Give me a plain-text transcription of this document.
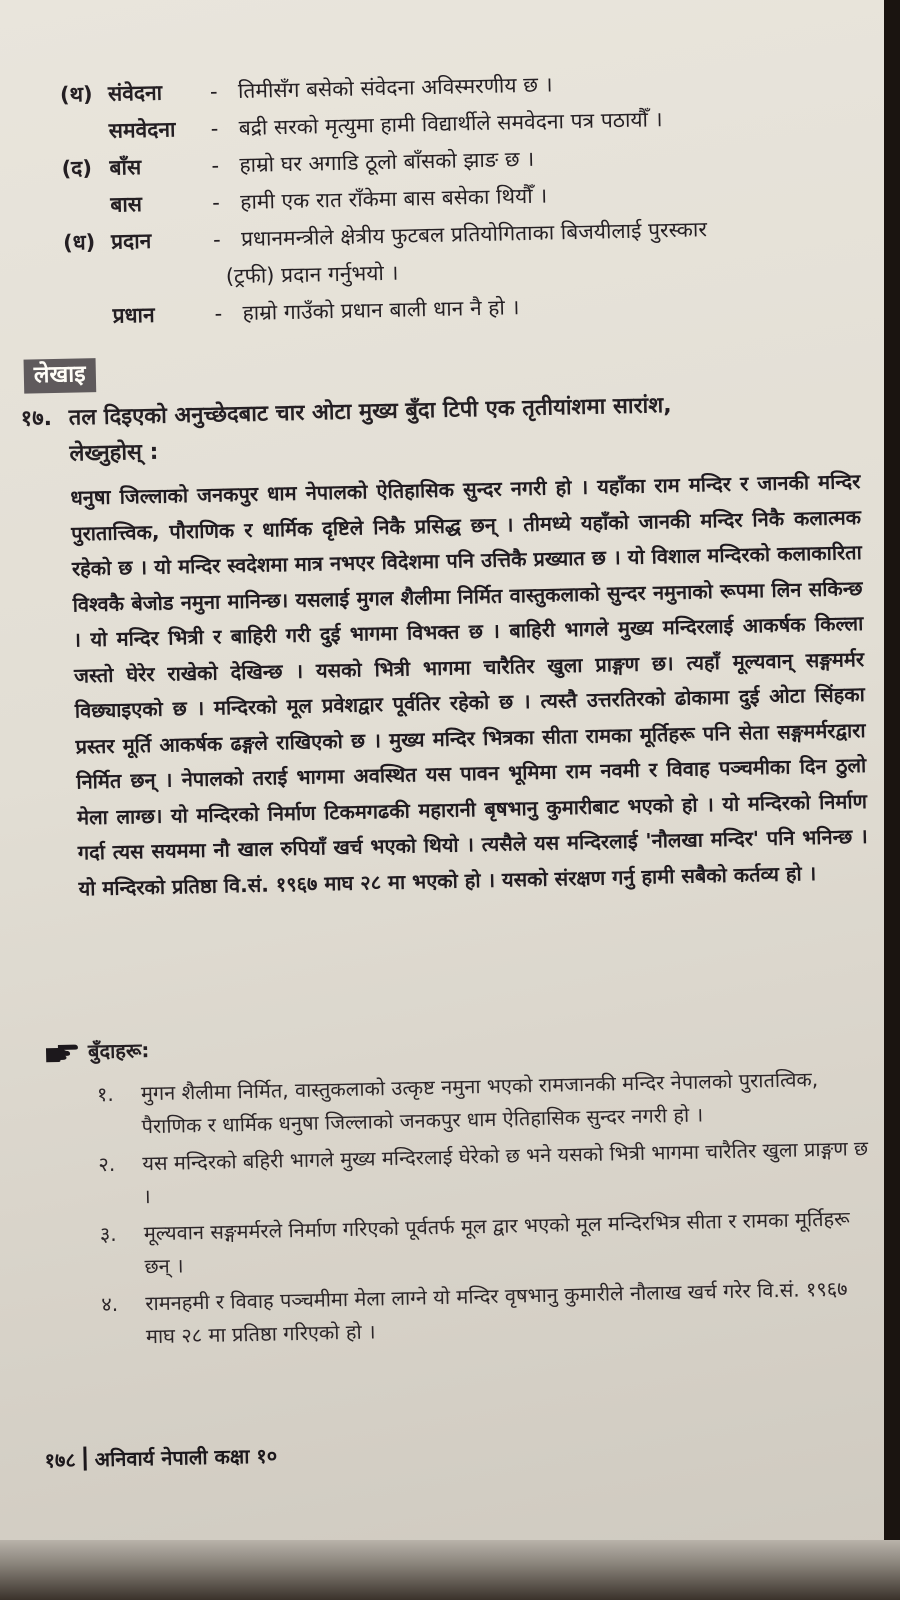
(थ) संवेदना	- तिमीसँग बसेको संवेदना अविस्मरणीय छ ।
समवेदना	- बद्री सरको मृत्युमा हामी विद्यार्थीले समवेदना पत्र पठायौँ ।
(द) बाँस	- हाम्रो घर अगाडि ठूलो बाँसको झाङ छ ।
बास	- हामी एक रात राँकेमा बास बसेका थियौँ ।
(ध) प्रदान	- प्रधानमन्त्रीले क्षेत्रीय फुटबल प्रतियोगिताका बिजयीलाई पुरस्कार
(ट्रफी) प्रदान गर्नुभयो ।
प्रधान	- हाम्रो गाउँको प्रधान बाली धान नै हो ।
लेखाइ
१७. तल दिइएको अनुच्छेदबाट चार ओटा मुख्य बुँदा टिपी एक तृतीयांशमा सारांश,
लेख्नुहोस् :
धनुषा जिल्लाको जनकपुर धाम नेपालको ऐतिहासिक सुन्दर नगरी हो । यहाँका राम मन्दिर र जानकी मन्दिर पुरातात्त्विक, पौराणिक र धार्मिक दृष्टिले निकै प्रसिद्ध छन् । तीमध्ये यहाँको जानकी मन्दिर निकै कलात्मक रहेको छ । यो मन्दिर स्वदेशमा मात्र नभएर विदेशमा पनि उत्तिकै प्रख्यात छ । यो विशाल मन्दिरको कलाकारिता विश्वकै बेजोड नमुना मानिन्छ। यसलाई मुगल शैलीमा निर्मित वास्तुकलाको सुन्दर नमुनाको रूपमा लिन सकिन्छ । यो मन्दिर भित्री र बाहिरी गरी दुई भागमा विभक्त छ । बाहिरी भागले मुख्य मन्दिरलाई आकर्षक किल्ला जस्तो घेरेर राखेको देखिन्छ । यसको भित्री भागमा चारैतिर खुला प्राङ्गण छ। त्यहाँ मूल्यवान् सङ्गमर्मर विछ्याइएको छ । मन्दिरको मूल प्रवेशद्वार पूर्वतिर रहेको छ । त्यस्तै उत्तरतिरको ढोकामा दुई ओटा सिंहका प्रस्तर मूर्ति आकर्षक ढङ्गले राखिएको छ । मुख्य मन्दिर भित्रका सीता रामका मूर्तिहरू पनि सेता सङ्गमर्मरद्वारा निर्मित छन् । नेपालको तराई भागमा अवस्थित यस पावन भूमिमा राम नवमी र विवाह पञ्चमीका दिन ठुलो मेला लाग्छ। यो मन्दिरको निर्माण टिकमगढकी महारानी बृषभानु कुमारीबाट भएको हो । यो मन्दिरको निर्माण गर्दा त्यस सयममा नौ खाल रुपियाँ खर्च भएको थियो । त्यसैले यस मन्दिरलाई 'नौलखा मन्दिर' पनि भनिन्छ । यो मन्दिरको प्रतिष्ठा वि.सं. १९६७ माघ २८ मा भएको हो । यसको संरक्षण गर्नु हामी सबैको कर्तव्य हो ।
बुँदाहरू:
१.	मुगन शैलीमा निर्मित, वास्तुकलाको उत्कृष्ट नमुना भएको रामजानकी मन्दिर नेपालको पुरातत्विक, पैराणिक र धार्मिक धनुषा जिल्लाको जनकपुर धाम ऐतिहासिक सुन्दर नगरी हो ।
२.	यस मन्दिरको बहिरी भागले मुख्य मन्दिरलाई घेरेको छ भने यसको भित्री भागमा चारैतिर खुला प्राङ्गण छ ।
३.	मूल्यवान सङ्गमर्मरले निर्माण गरिएको पूर्वतर्फ मूल द्वार भएको मूल मन्दिरभित्र सीता र रामका मूर्तिहरू छन् ।
४.	रामनहमी र विवाह पञ्चमीमा मेला लाग्ने यो मन्दिर वृषभानु कुमारीले नौलाख खर्च गरेर वि.सं. १९६७ माघ २८ मा प्रतिष्ठा गरिएको हो ।
१७८ अनिवार्य नेपाली कक्षा १०
